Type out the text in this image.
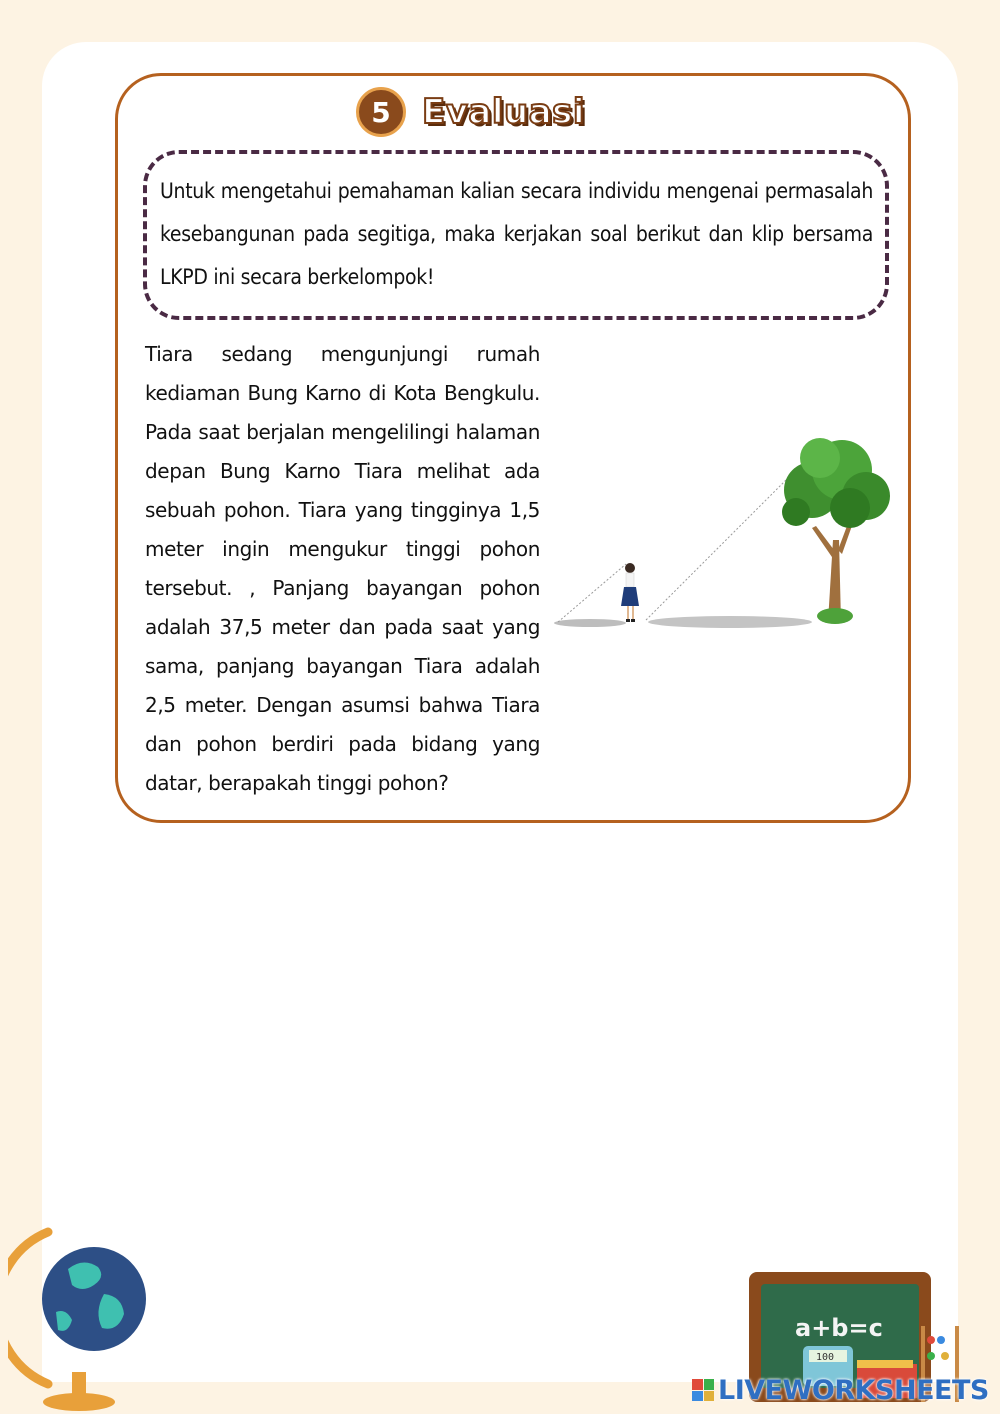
5 Evaluasi
Untuk mengetahui pemahaman kalian secara individu mengenai permasalah kesebangunan pada segitiga, maka kerjakan soal berikut dan klip bersama LKPD ini secara berkelompok!
Tiara sedang mengunjungi rumah kediaman Bung Karno di Kota Bengkulu. Pada saat berjalan mengelilingi halaman depan Bung Karno Tiara melihat ada sebuah pohon. Tiara yang tingginya 1,5 meter ingin mengukur tinggi pohon tersebut. , Panjang bayangan pohon adalah 37,5 meter dan pada saat yang sama, panjang bayangan Tiara adalah 2,5 meter. Dengan asumsi bahwa Tiara dan pohon berdiri pada bidang yang datar, berapakah tinggi pohon?
a+b=c
100
LIVEWORKSHEETS
